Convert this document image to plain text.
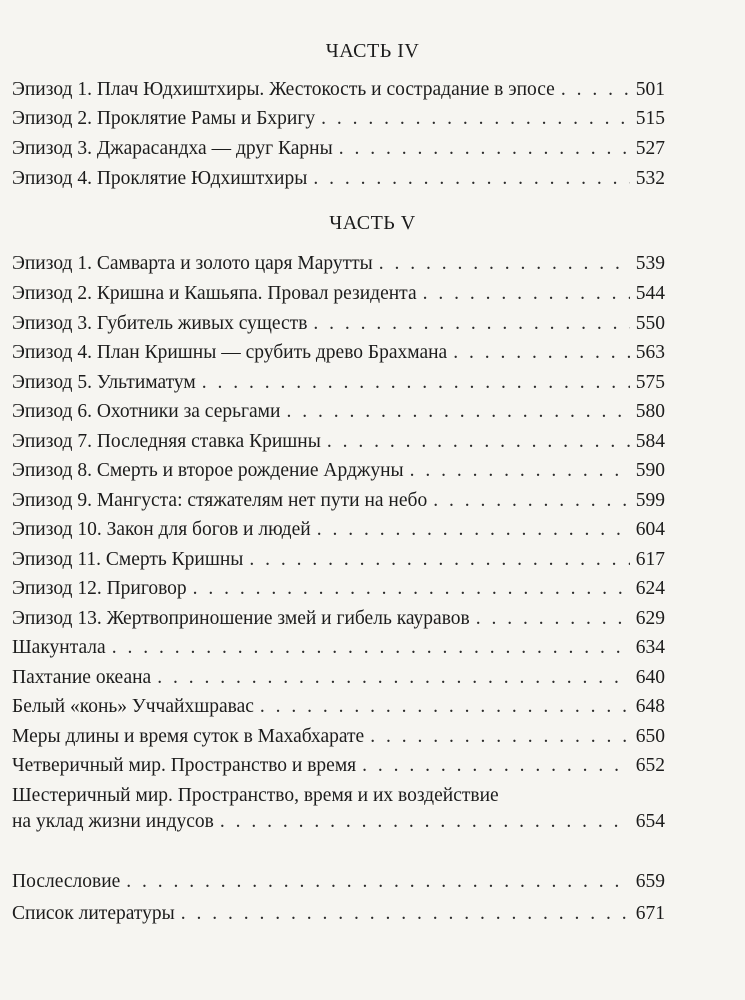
ЧАСТЬ IV
Эпизод 1. Плач Юдхиштхиры. Жестокость и сострадание в эпосе . . .	501
Эпизод 2. Проклятие Рамы и Бхригу . . .	515
Эпизод 3. Джарасандха — друг Карны . . .	527
Эпизод 4. Проклятие Юдхиштхиры . . .	532
ЧАСТЬ V
Эпизод 1. Самварта и золото царя Марутты . . .	539
Эпизод 2. Кришна и Кашьяпа. Провал резидента . . .	544
Эпизод 3. Губитель живых существ . . .	550
Эпизод 4. План Кришны — срубить древо Брахмана . . .	563
Эпизод 5. Ультиматум . . .	575
Эпизод 6. Охотники за серьгами . . .	580
Эпизод 7. Последняя ставка Кришны . . .	584
Эпизод 8. Смерть и второе рождение Арджуны . . .	590
Эпизод 9. Мангуста: стяжателям нет пути на небо . . .	599
Эпизод 10. Закон для богов и людей . . .	604
Эпизод 11. Смерть Кришны . . .	617
Эпизод 12. Приговор . . .	624
Эпизод 13. Жертвоприношение змей и гибель кауравов . . .	629
Шакунтала . . .	634
Пахтание океана . . .	640
Белый «конь» Уччайхшравас . . .	648
Меры длины и время суток в Махабхарате . . .	650
Четверичный мир. Пространство и время . . .	652
Шестеричный мир. Пространство, время и их воздействие
на уклад жизни индусов . . .	654
Послесловие . . .	659
Список литературы . . .	671
